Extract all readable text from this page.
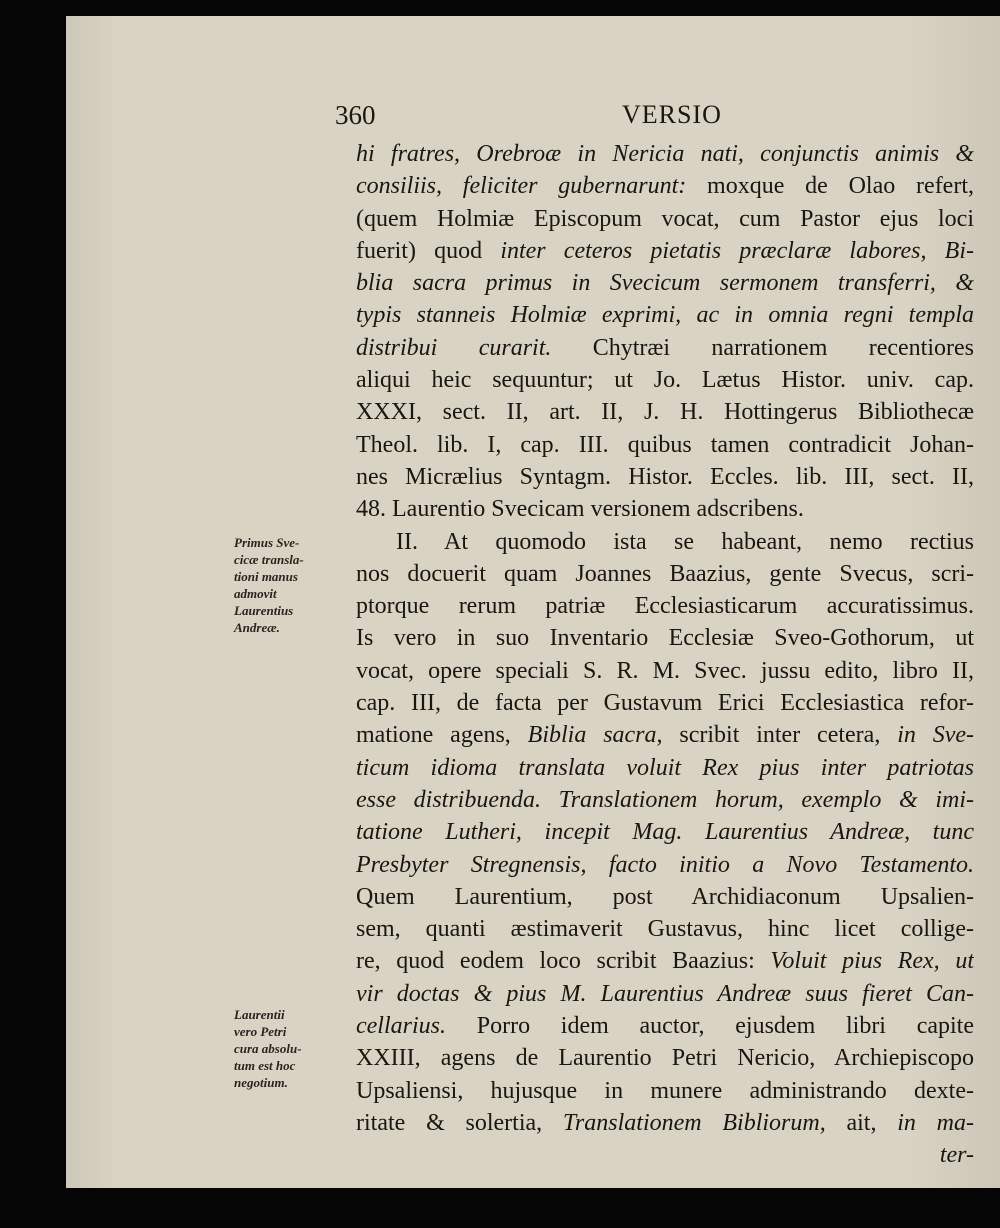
360	VERSIO
Primus Sve-
cicæ transla-
tioni manus
admovit
Laurentius
Andreæ.
Laurentii
vero Petri
cura absolu-
tum est hoc
negotium.
hi fratres, Orebroæ in Nericia nati, conjunctis animis &
consiliis, feliciter gubernarunt: moxque de Olao refert,
(quem Holmiæ Episcopum vocat, cum Pastor ejus loci
fuerit) quod inter ceteros pietatis præclaræ labores, Bi-
blia sacra primus in Svecicum sermonem transferri, &
typis stanneis Holmiæ exprimi, ac in omnia regni templa
distribui curarit. Chytræi narrationem recentiores
aliqui heic sequuntur; ut Jo. Lætus Histor. univ. cap.
XXXI, sect. II, art. II, J. H. Hottingerus Bibliothecæ
Theol. lib. I, cap. III. quibus tamen contradicit Johan-
nes Micrælius Syntagm. Histor. Eccles. lib. III, sect. II,
48. Laurentio Svecicam versionem adscribens.
II. At quomodo ista se habeant, nemo rectius
nos docuerit quam Joannes Baazius, gente Svecus, scri-
ptorque rerum patriæ Ecclesiasticarum accuratissimus.
Is vero in suo Inventario Ecclesiæ Sveo-Gothorum, ut
vocat, opere speciali S. R. M. Svec. jussu edito, libro II,
cap. III, de facta per Gustavum Erici Ecclesiastica refor-
matione agens, Biblia sacra, scribit inter cetera, in Sve-
ticum idioma translata voluit Rex pius inter patriotas
esse distribuenda. Translationem horum, exemplo & imi-
tatione Lutheri, incepit Mag. Laurentius Andreæ, tunc
Presbyter Stregnensis, facto initio a Novo Testamento.
Quem Laurentium, post Archidiaconum Upsalien-
sem, quanti æstimaverit Gustavus, hinc licet collige-
re, quod eodem loco scribit Baazius: Voluit pius Rex, ut
vir doctas & pius M. Laurentius Andreæ suus fieret Can-
cellarius. Porro idem auctor, ejusdem libri capite
XXIII, agens de Laurentio Petri Nericio, Archiepiscopo
Upsaliensi, hujusque in munere administrando dexte-
ritate & solertia, Translationem Bibliorum, ait, in ma-
ter-
